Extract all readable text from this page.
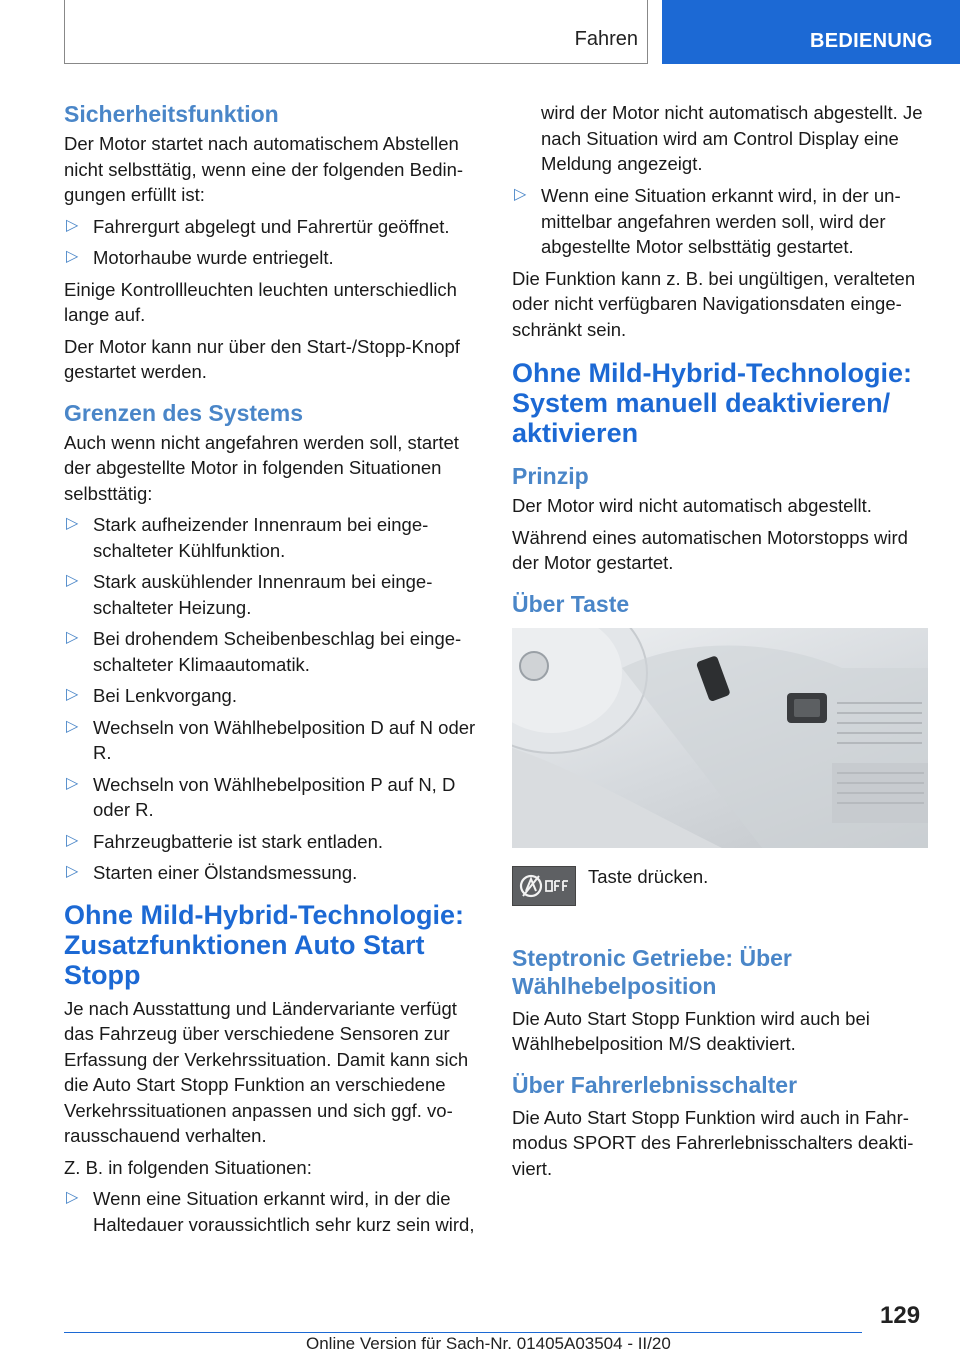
Fahren	BEDIENUNG
Sicherheitsfunktion

Der Motor startet nach automatischem Abstellen nicht selbsttätig, wenn eine der folgenden Bedingungen erfüllt ist:

▷ Fahrergurt abgelegt und Fahrertür geöffnet.
▷ Motorhaube wurde entriegelt.

Einige Kontrollleuchten leuchten unterschiedlich lange auf.

Der Motor kann nur über den Start-/Stopp-Knopf gestartet werden.

Grenzen des Systems

Auch wenn nicht angefahren werden soll, startet der abgestellte Motor in folgenden Situationen selbsttätig:

▷ Stark aufheizender Innenraum bei eingeschalteter Kühlfunktion.
▷ Stark auskühlender Innenraum bei eingeschalteter Heizung.
▷ Bei drohendem Scheibenbeschlag bei eingeschalteter Klimaautomatik.
▷ Bei Lenkvorgang.
▷ Wechseln von Wählhebelposition D auf N oder R.
▷ Wechseln von Wählhebelposition P auf N, D oder R.
▷ Fahrzeugbatterie ist stark entladen.
▷ Starten einer Ölstandsmessung.
Ohne Mild-Hybrid-Technologie: Zusatzfunktionen Auto Start Stopp

Je nach Ausstattung und Ländervariante verfügt das Fahrzeug über verschiedene Sensoren zur Erfassung der Verkehrssituation. Damit kann sich die Auto Start Stopp Funktion an verschiedene Verkehrssituationen anpassen und sich ggf. vorausschauend verhalten.

Z. B. in folgenden Situationen:

▷ Wenn eine Situation erkannt wird, in der die Haltedauer voraussichtlich sehr kurz sein wird,
wird der Motor nicht automatisch abgestellt. Je nach Situation wird am Control Display eine Meldung angezeigt.
▷ Wenn eine Situation erkannt wird, in der unmittelbar angefahren werden soll, wird der abgestellte Motor selbsttätig gestartet.

Die Funktion kann z. B. bei ungültigen, veralteten oder nicht verfügbaren Navigationsdaten eingeschränkt sein.

Ohne Mild-Hybrid-Technologie: System manuell deaktivieren/ aktivieren
Prinzip

Der Motor wird nicht automatisch abgestellt.

Während eines automatischen Motorstopps wird der Motor gestartet.

Über Taste

Taste drücken.

Steptronic Getriebe: Über Wählhebelposition

Die Auto Start Stopp Funktion wird auch bei Wählhebelposition M/S deaktiviert.

Über Fahrerlebnisschalter

Die Auto Start Stopp Funktion wird auch in Fahrmodus SPORT des Fahrerlebnisschalters deaktiviert.

129
Online Version für Sach-Nr. 01405A03504 - II/20
